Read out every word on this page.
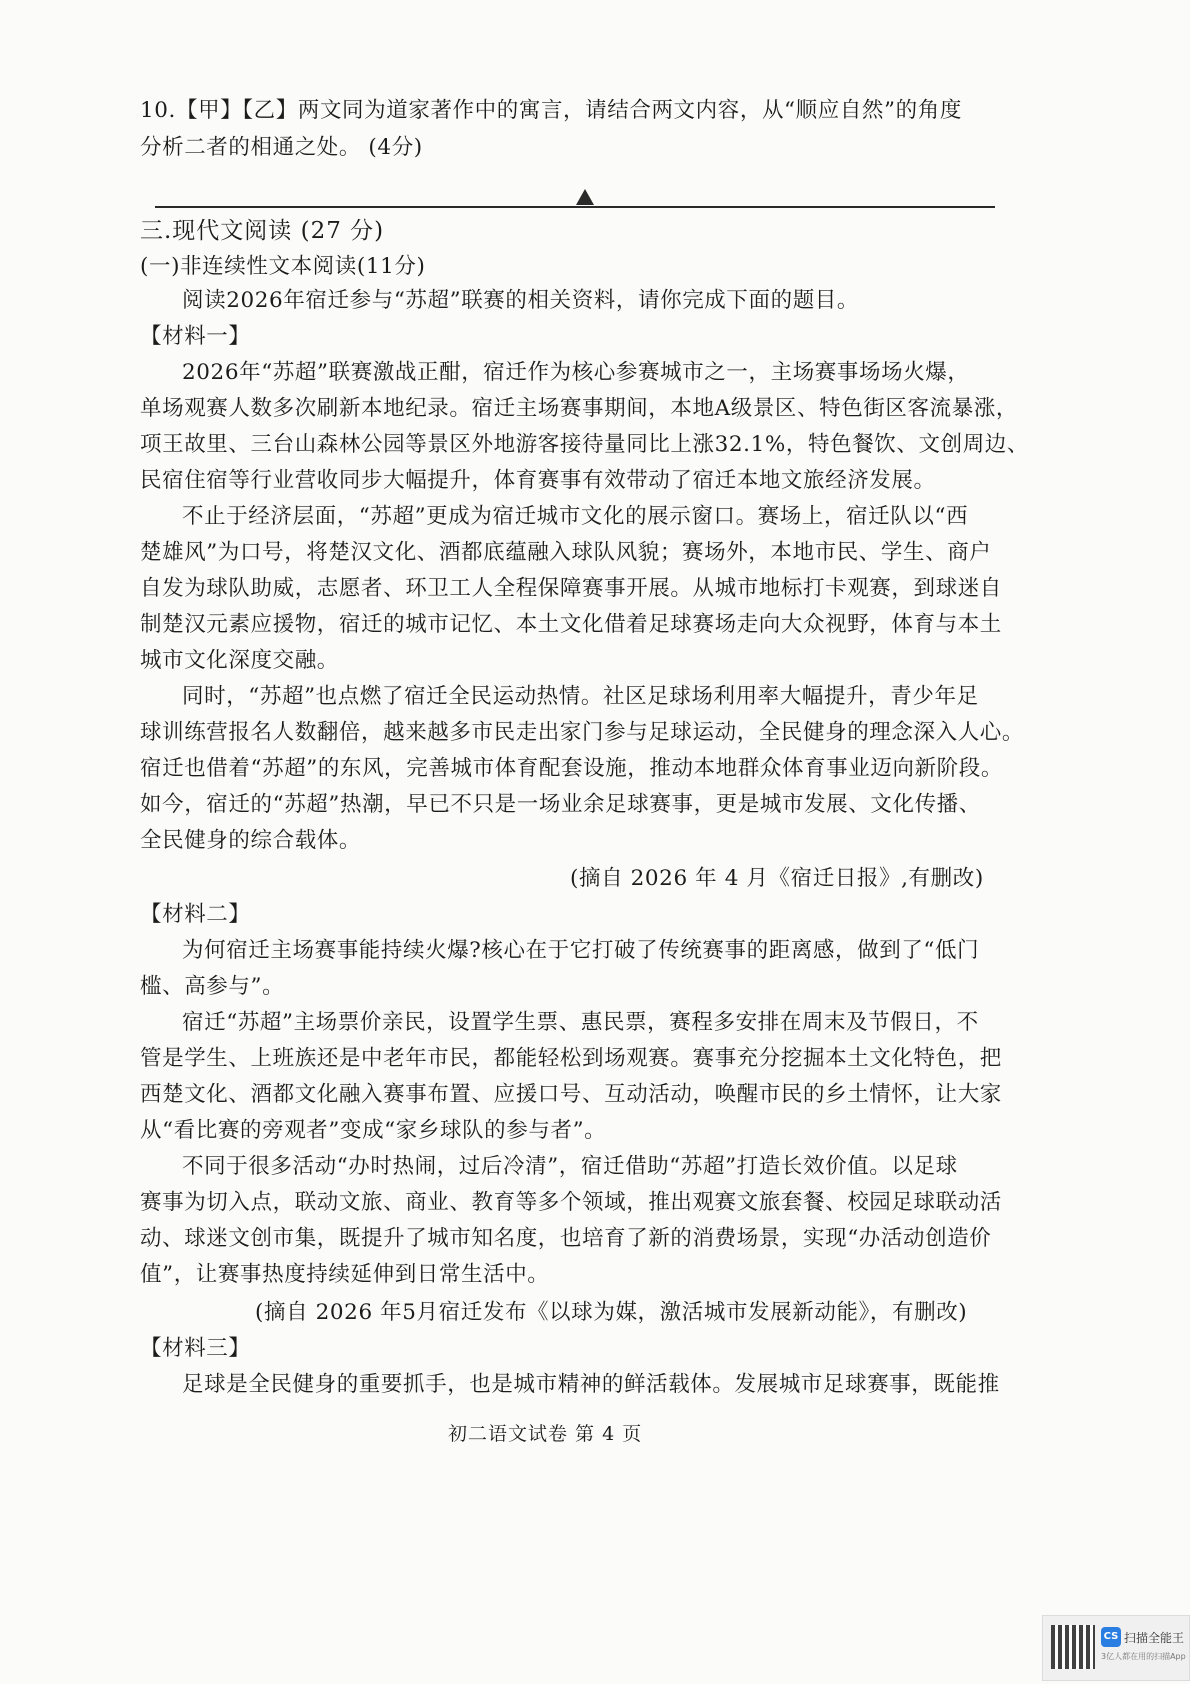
10.【甲】【乙】两文同为道家著作中的寓言，请结合两文内容，从“顺应自然”的角度
分析二者的相通之处。 (4分)
三.现代文阅读 (27 分)
(一)非连续性文本阅读(11分)
阅读2026年宿迁参与“苏超”联赛的相关资料，请你完成下面的题目。
【材料一】
2026年“苏超”联赛激战正酣，宿迁作为核心参赛城市之一，主场赛事场场火爆，
单场观赛人数多次刷新本地纪录。宿迁主场赛事期间，本地A级景区、特色街区客流暴涨，
项王故里、三台山森林公园等景区外地游客接待量同比上涨32.1%，特色餐饮、文创周边、
民宿住宿等行业营收同步大幅提升，体育赛事有效带动了宿迁本地文旅经济发展。
不止于经济层面，“苏超”更成为宿迁城市文化的展示窗口。赛场上，宿迁队以“西
楚雄风”为口号，将楚汉文化、酒都底蕴融入球队风貌；赛场外，本地市民、学生、商户
自发为球队助威，志愿者、环卫工人全程保障赛事开展。从城市地标打卡观赛，到球迷自
制楚汉元素应援物，宿迁的城市记忆、本土文化借着足球赛场走向大众视野，体育与本土
城市文化深度交融。
同时，“苏超”也点燃了宿迁全民运动热情。社区足球场利用率大幅提升，青少年足
球训练营报名人数翻倍，越来越多市民走出家门参与足球运动，全民健身的理念深入人心。
宿迁也借着“苏超”的东风，完善城市体育配套设施，推动本地群众体育事业迈向新阶段。
如今，宿迁的“苏超”热潮，早已不只是一场业余足球赛事，更是城市发展、文化传播、
全民健身的综合载体。
(摘自 2026 年 4 月《宿迁日报》,有删改)
【材料二】
为何宿迁主场赛事能持续火爆?核心在于它打破了传统赛事的距离感，做到了“低门
槛、高参与”。
宿迁“苏超”主场票价亲民，设置学生票、惠民票，赛程多安排在周末及节假日，不
管是学生、上班族还是中老年市民，都能轻松到场观赛。赛事充分挖掘本土文化特色，把
西楚文化、酒都文化融入赛事布置、应援口号、互动活动，唤醒市民的乡土情怀，让大家
从“看比赛的旁观者”变成“家乡球队的参与者”。
不同于很多活动“办时热闹，过后冷清”，宿迁借助“苏超”打造长效价值。以足球
赛事为切入点，联动文旅、商业、教育等多个领域，推出观赛文旅套餐、校园足球联动活
动、球迷文创市集，既提升了城市知名度，也培育了新的消费场景，实现“办活动创造价
值”，让赛事热度持续延伸到日常生活中。
(摘自 2026 年5月宿迁发布《以球为媒，激活城市发展新动能》，有删改)
【材料三】
足球是全民健身的重要抓手，也是城市精神的鲜活载体。发展城市足球赛事，既能推
初二语文试卷 第 4 页
CS 扫描全能王
3亿人都在用的扫描App
